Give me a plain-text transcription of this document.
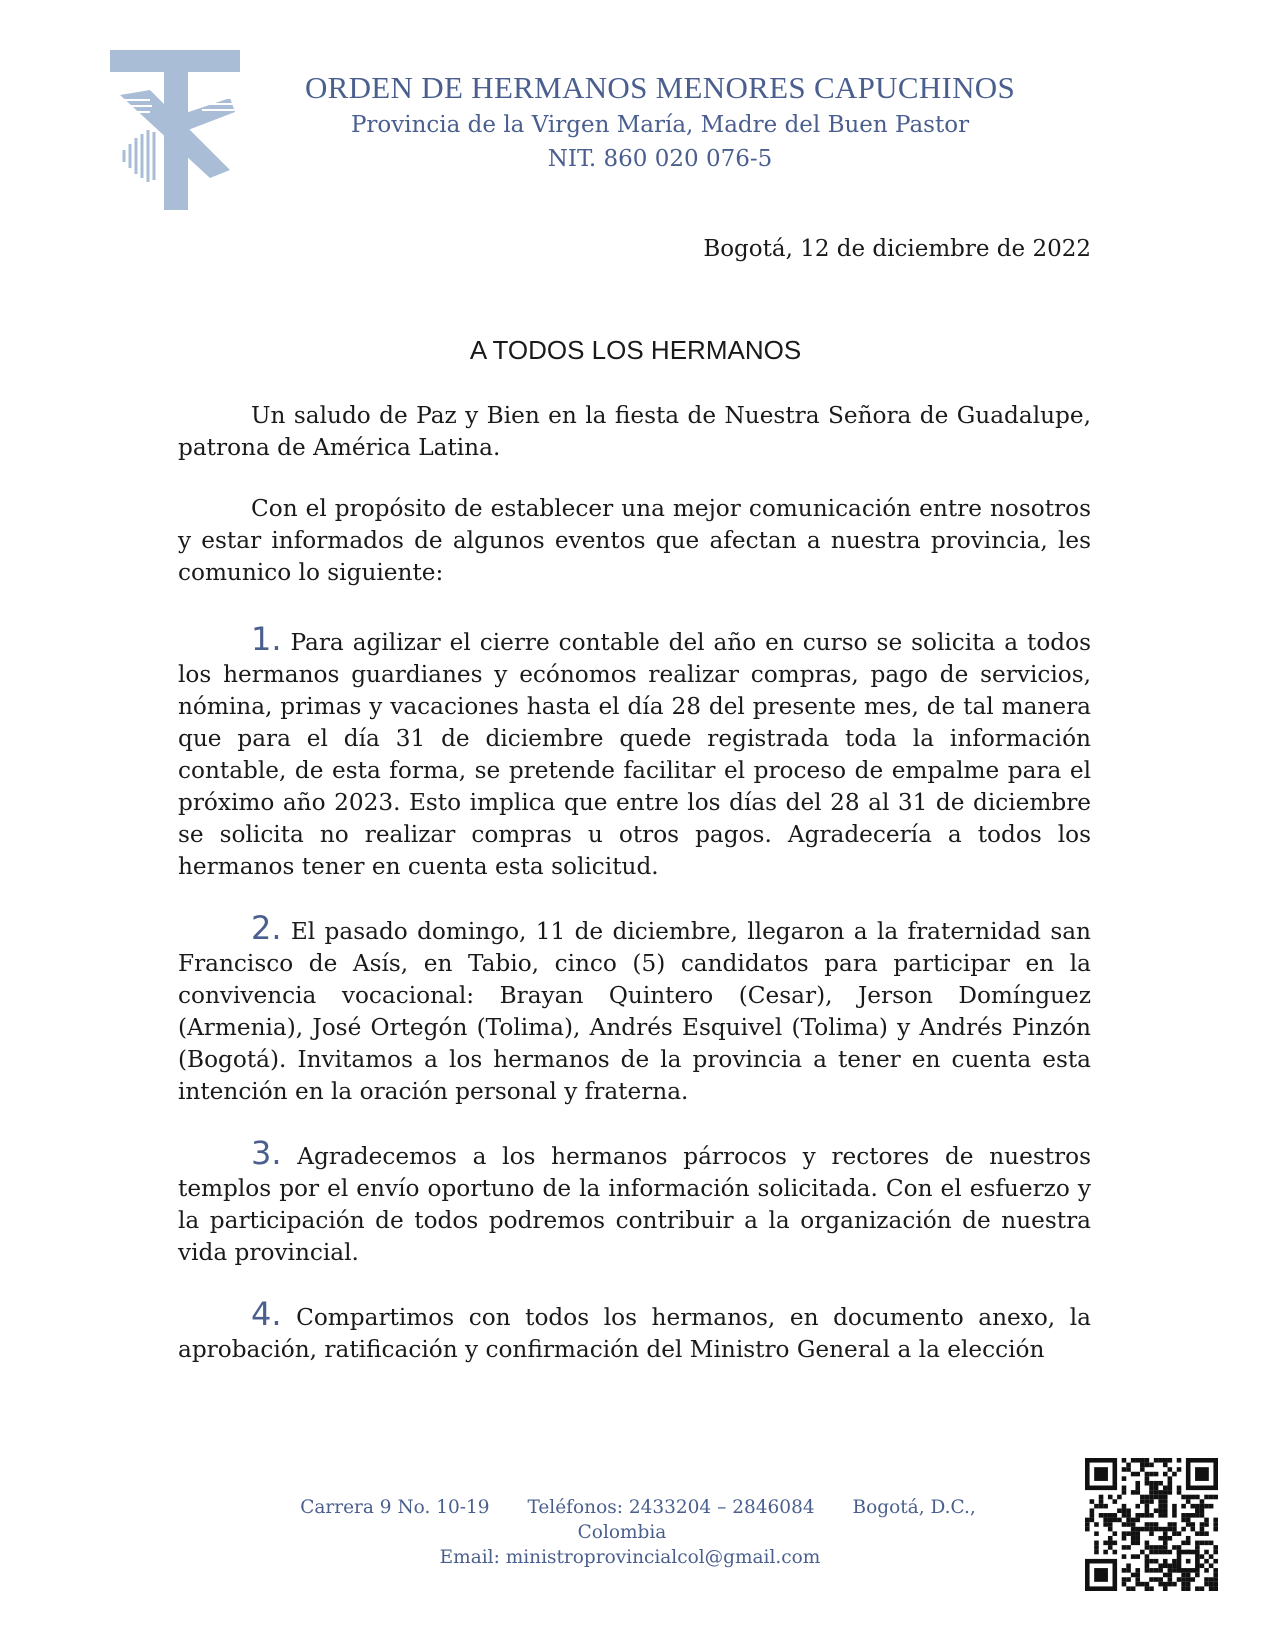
ORDEN DE HERMANOS MENORES CAPUCHINOS
Provincia de la Virgen María, Madre del Buen Pastor
NIT. 860 020 076-5
Bogotá, 12 de diciembre de 2022
A TODOS LOS HERMANOS

Un saludo de Paz y Bien en la fiesta de Nuestra Señora de Guadalupe, patrona de América Latina.

Con el propósito de establecer una mejor comunicación entre nosotros y estar informados de algunos eventos que afectan a nuestra provincia, les comunico lo siguiente:

1. Para agilizar el cierre contable del año en curso se solicita a todos los hermanos guardianes y ecónomos realizar compras, pago de servicios, nómina, primas y vacaciones hasta el día 28 del presente mes, de tal manera que para el día 31 de diciembre quede registrada toda la información contable, de esta forma, se pretende facilitar el proceso de empalme para el próximo año 2023. Esto implica que entre los días del 28 al 31 de diciembre se solicita no realizar compras u otros pagos. Agradecería a todos los hermanos tener en cuenta esta solicitud.

2. El pasado domingo, 11 de diciembre, llegaron a la fraternidad san Francisco de Asís, en Tabio, cinco (5) candidatos para participar en la convivencia vocacional: Brayan Quintero (Cesar), Jerson Domínguez (Armenia), José Ortegón (Tolima), Andrés Esquivel (Tolima) y Andrés Pinzón (Bogotá). Invitamos a los hermanos de la provincia a tener en cuenta esta intención en la oración personal y fraterna.

3. Agradecemos a los hermanos párrocos y rectores de nuestros templos por el envío oportuno de la información solicitada. Con el esfuerzo y la participación de todos podremos contribuir a la organización de nuestra vida provincial.

4. Compartimos con todos los hermanos, en documento anexo, la aprobación, ratificación y confirmación del Ministro General a la elección

Carrera 9 No. 10-19 Teléfonos: 2433204 – 2846084 Bogotá, D.C., Colombia
Email: ministroprovincialcol@gmail.com
